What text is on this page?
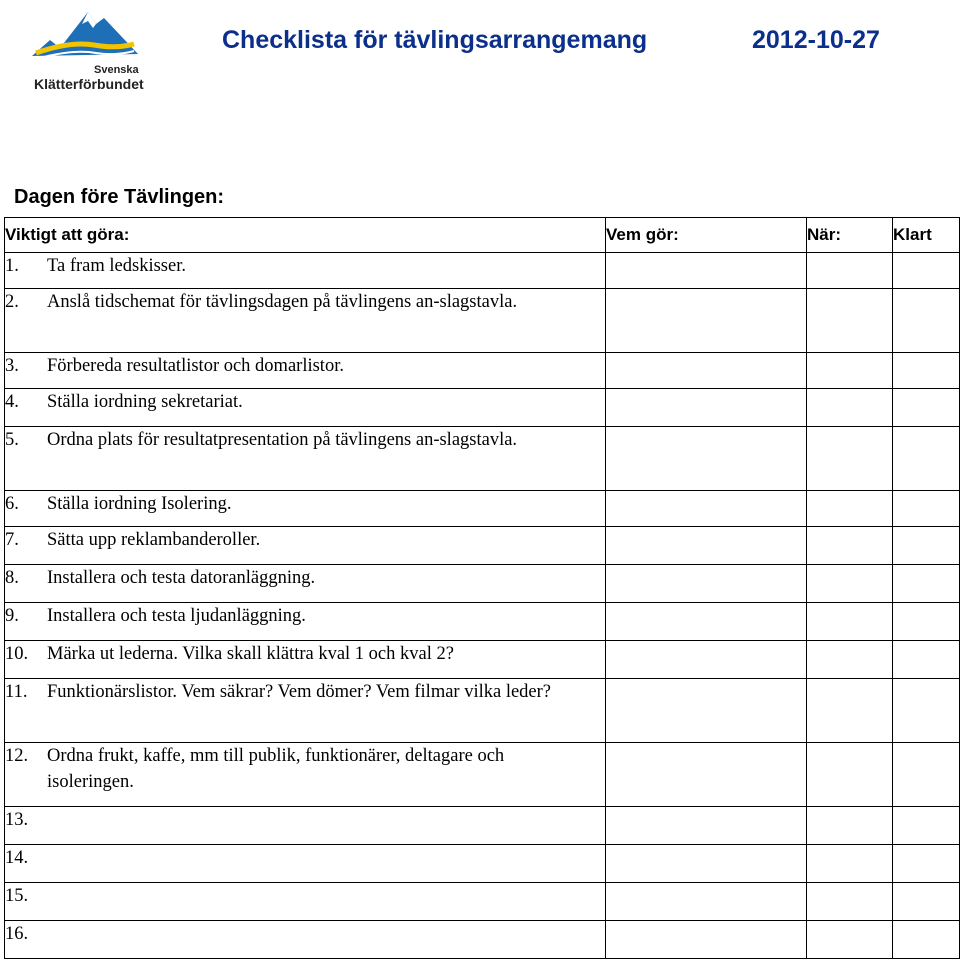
Svenska
Klätterförbundet
Checklista för tävlingsarrangemang	2012-10-27
Dagen före Tävlingen:
Viktigt att göra:	Vem gör:	När:	Klart
1. Ta fram ledskisser.			
2. Anslå tidschemat för tävlingsdagen på tävlingens an-slagstavla.			
3. Förbereda resultatlistor och domarlistor.			
4. Ställa iordning sekretariat.			
5. Ordna plats för resultatpresentation på tävlingens an-slagstavla.			
6. Ställa iordning Isolering.			
7. Sätta upp reklambanderoller.			
8. Installera och testa datoranläggning.			
9. Installera och testa ljudanläggning.			
10. Märka ut lederna. Vilka skall klättra kval 1 och kval 2?			
11. Funktionärslistor. Vem säkrar? Vem dömer? Vem filmar vilka leder?			
12. Ordna frukt, kaffe, mm till publik, funktionärer, deltagare och isoleringen.			
13.			
14.			
15.			
16.			
